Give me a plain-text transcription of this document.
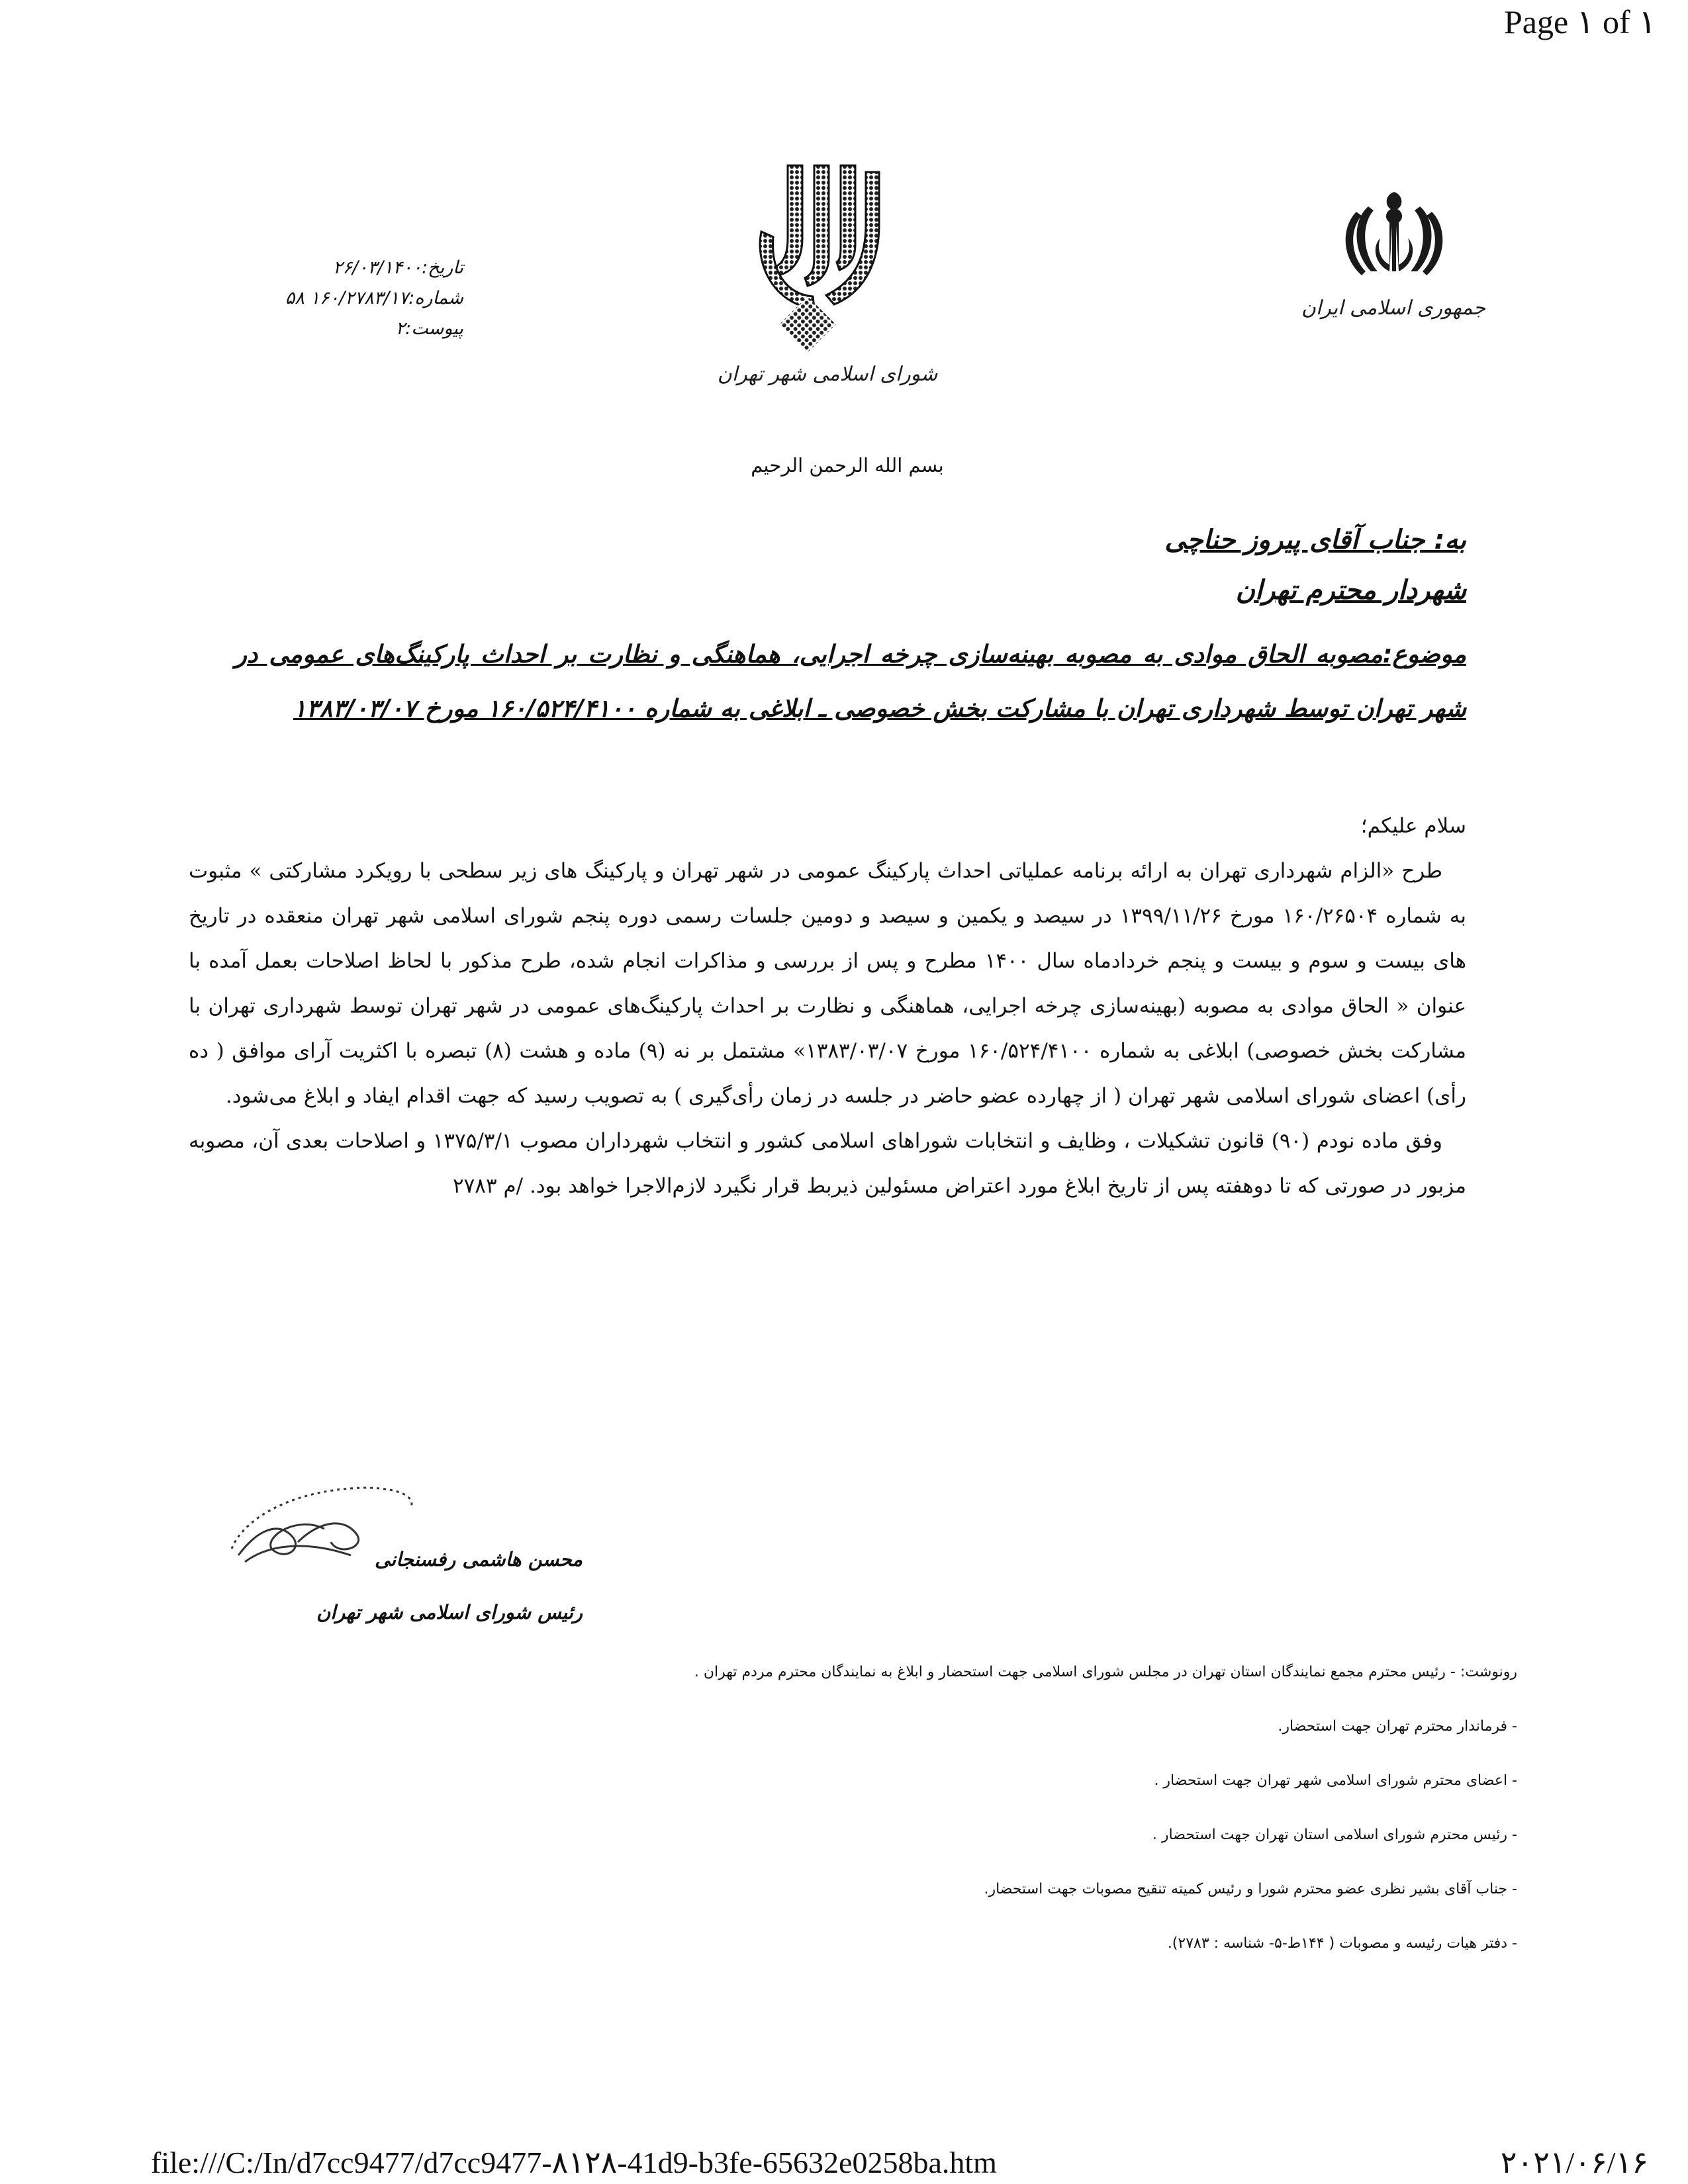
Page ۱ of ۱
جمهوری اسلامی ایران
شورای اسلامی شهر تهران
تاریخ:۲۶/۰۳/۱۴۰۰
شماره:۱۶۰/۲۷۸۳/۱۷ ۵۸
پیوست:۲
بسم الله الرحمن الرحیم
به: جناب آقای پیروز حناچی
شهردار محترم تهران
موضوع:مصوبه الحاق موادی به مصوبه بهینه‌سازی چرخه اجرایی، هماهنگی و نظارت بر احداث پارکینگ‌های عمومی در شهر تهران توسط شهرداری تهران با مشارکت بخش خصوصی ـ ابلاغی به شماره ۱۶۰/۵۲۴/۴۱۰۰ مورخ ۱۳۸۳/۰۳/۰۷

سلام علیکم؛

طرح «الزام شهرداری تهران به ارائه برنامه عملیاتی احداث پارکینگ عمومی در شهر تهران و پارکینگ های زیر سطحی با رویکرد مشارکتی » مثبوت به شماره ۱۶۰/۲۶۵۰۴ مورخ ۱۳۹۹/۱۱/۲۶ در سیصد و یکمین و سیصد و دومین جلسات رسمی دوره پنجم شورای اسلامی شهر تهران منعقده در تاریخ های بیست و سوم و بیست و پنجم خردادماه سال ۱۴۰۰ مطرح و پس از بررسی و مذاکرات انجام شده، طرح مذکور با لحاظ اصلاحات بعمل آمده با عنوان « الحاق موادی به مصوبه (بهینه‌سازی چرخه اجرایی، هماهنگی و نظارت بر احداث پارکینگ‌های عمومی در شهر تهران توسط شهرداری تهران با مشارکت بخش خصوصی) ابلاغی به شماره ۱۶۰/۵۲۴/۴۱۰۰ مورخ ۱۳۸۳/۰۳/۰۷» مشتمل بر نه (۹) ماده و هشت (۸) تبصره با اکثریت آرای موافق ( ده رأی) اعضای شورای اسلامی شهر تهران ( از چهارده عضو حاضر در جلسه در زمان رأی‌گیری ) به تصویب رسید که جهت اقدام ایفاد و ابلاغ می‌شود.

وفق ماده نودم (۹۰) قانون تشکیلات ، وظایف و انتخابات شوراهای اسلامی کشور و انتخاب شهرداران مصوب ۱۳۷۵/۳/۱ و اصلاحات بعدی آن، مصوبه مزبور در صورتی که تا دوهفته پس از تاریخ ابلاغ مورد اعتراض مسئولین ذیربط قرار نگیرد لازم‌الاجرا خواهد بود. /م ۲۷۸۳

محسن هاشمی رفسنجانی
رئیس شورای اسلامی شهر تهران
رونوشت: - رئیس محترم مجمع نمایندگان استان تهران در مجلس شورای اسلامی جهت استحضار و ابلاغ به نمایندگان محترم مردم تهران .
- فرماندار محترم تهران جهت استحضار.
- اعضای محترم شورای اسلامی شهر تهران جهت استحضار .
- رئیس محترم شورای اسلامی استان تهران جهت استحضار .
- جناب آقای بشیر نظری عضو محترم شورا و رئیس کمیته تنقیح مصوبات جهت استحضار.
- دفتر هیات رئیسه و مصوبات ( ۱۴۴ط-۵- شناسه : ۲۷۸۳).
file:///C:/In/d7cc9477/d7cc9477-۸۱۲۸-41d9-b3fe-65632e0258ba.htm	۲۰۲۱/۰۶/۱۶
